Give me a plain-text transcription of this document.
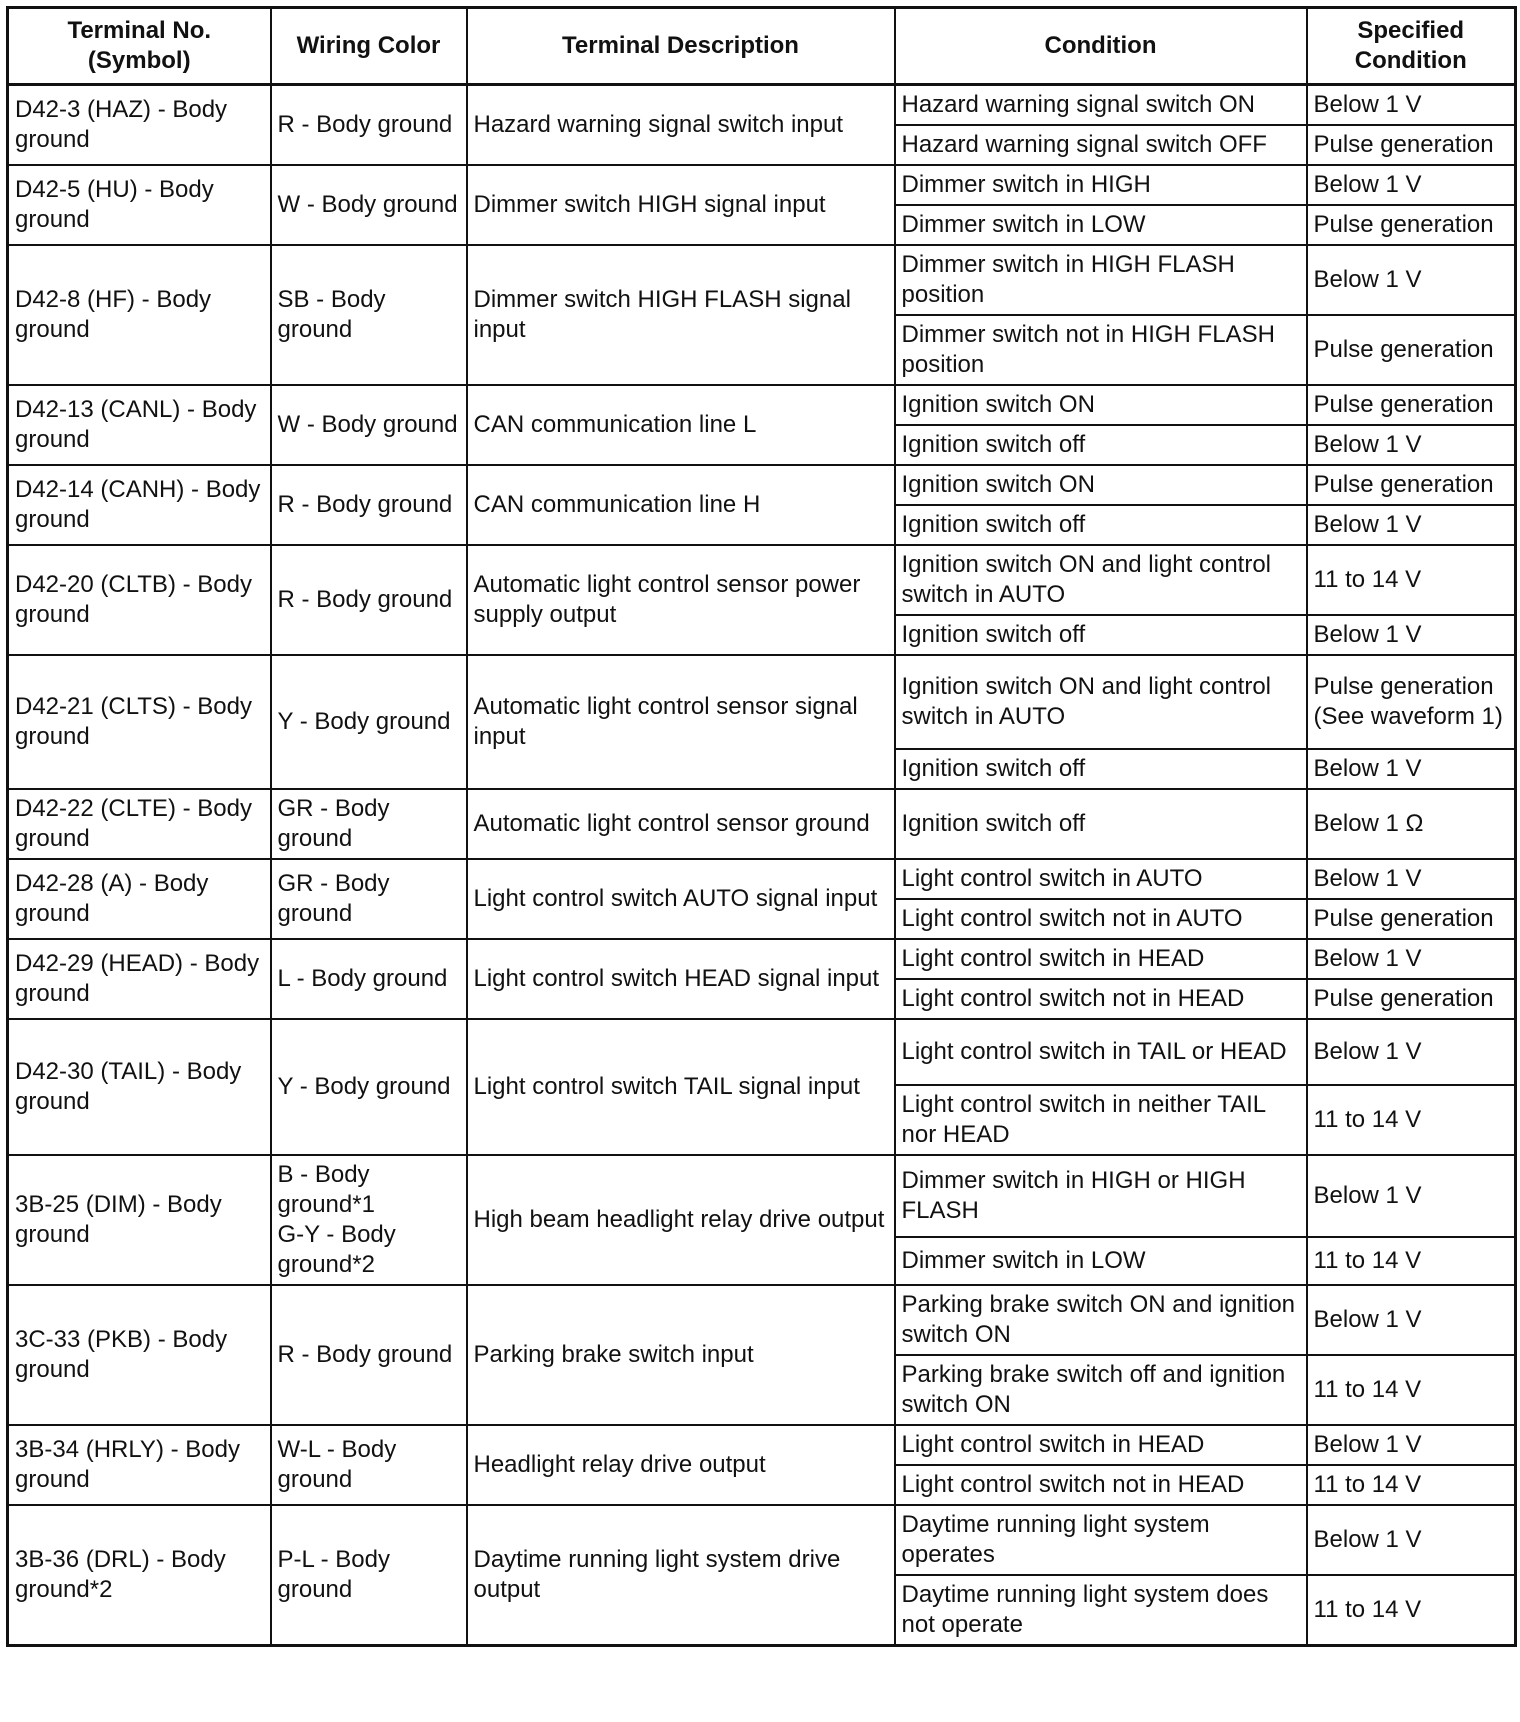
Terminal No.
(Symbol)	Wiring Color	Terminal Description	Condition	Specified
Condition

D42-3 (HAZ) - Body ground	R - Body ground	Hazard warning signal switch input	Hazard warning signal switch ON	Below 1 V
			Hazard warning signal switch OFF	Pulse generation
D42-5 (HU) - Body ground	W - Body ground	Dimmer switch HIGH signal input	Dimmer switch in HIGH	Below 1 V
			Dimmer switch in LOW	Pulse generation
D42-8 (HF) - Body ground	SB - Body ground	Dimmer switch HIGH FLASH signal input	Dimmer switch in HIGH FLASH position	Below 1 V
			Dimmer switch not in HIGH FLASH position	Pulse generation
D42-13 (CANL) - Body ground	W - Body ground	CAN communication line L	Ignition switch ON	Pulse generation
			Ignition switch off	Below 1 V
D42-14 (CANH) - Body ground	R - Body ground	CAN communication line H	Ignition switch ON	Pulse generation
			Ignition switch off	Below 1 V
D42-20 (CLTB) - Body ground	R - Body ground	Automatic light control sensor power supply output	Ignition switch ON and light control switch in AUTO	11 to 14 V
			Ignition switch off	Below 1 V
D42-21 (CLTS) - Body ground	Y - Body ground	Automatic light control sensor signal input	Ignition switch ON and light control switch in AUTO	Pulse generation (See waveform 1)
			Ignition switch off	Below 1 V
D42-22 (CLTE) - Body ground	GR - Body ground	Automatic light control sensor ground	Ignition switch off	Below 1 Ω
D42-28 (A) - Body ground	GR - Body ground	Light control switch AUTO signal input	Light control switch in AUTO	Below 1 V
			Light control switch not in AUTO	Pulse generation
D42-29 (HEAD) - Body ground	L - Body ground	Light control switch HEAD signal input	Light control switch in HEAD	Below 1 V
			Light control switch not in HEAD	Pulse generation
D42-30 (TAIL) - Body ground	Y - Body ground	Light control switch TAIL signal input	Light control switch in TAIL or HEAD	Below 1 V
			Light control switch in neither TAIL nor HEAD	11 to 14 V
3B-25 (DIM) - Body ground	B - Body ground*1
G-Y - Body ground*2	High beam headlight relay drive output	Dimmer switch in HIGH or HIGH FLASH	Below 1 V
			Dimmer switch in LOW	11 to 14 V
3C-33 (PKB) - Body ground	R - Body ground	Parking brake switch input	Parking brake switch ON and ignition switch ON	Below 1 V
			Parking brake switch off and ignition switch ON	11 to 14 V
3B-34 (HRLY) - Body ground	W-L - Body ground	Headlight relay drive output	Light control switch in HEAD	Below 1 V
			Light control switch not in HEAD	11 to 14 V
3B-36 (DRL) - Body ground*2	P-L - Body ground	Daytime running light system drive output	Daytime running light system operates	Below 1 V
			Daytime running light system does not operate	11 to 14 V
